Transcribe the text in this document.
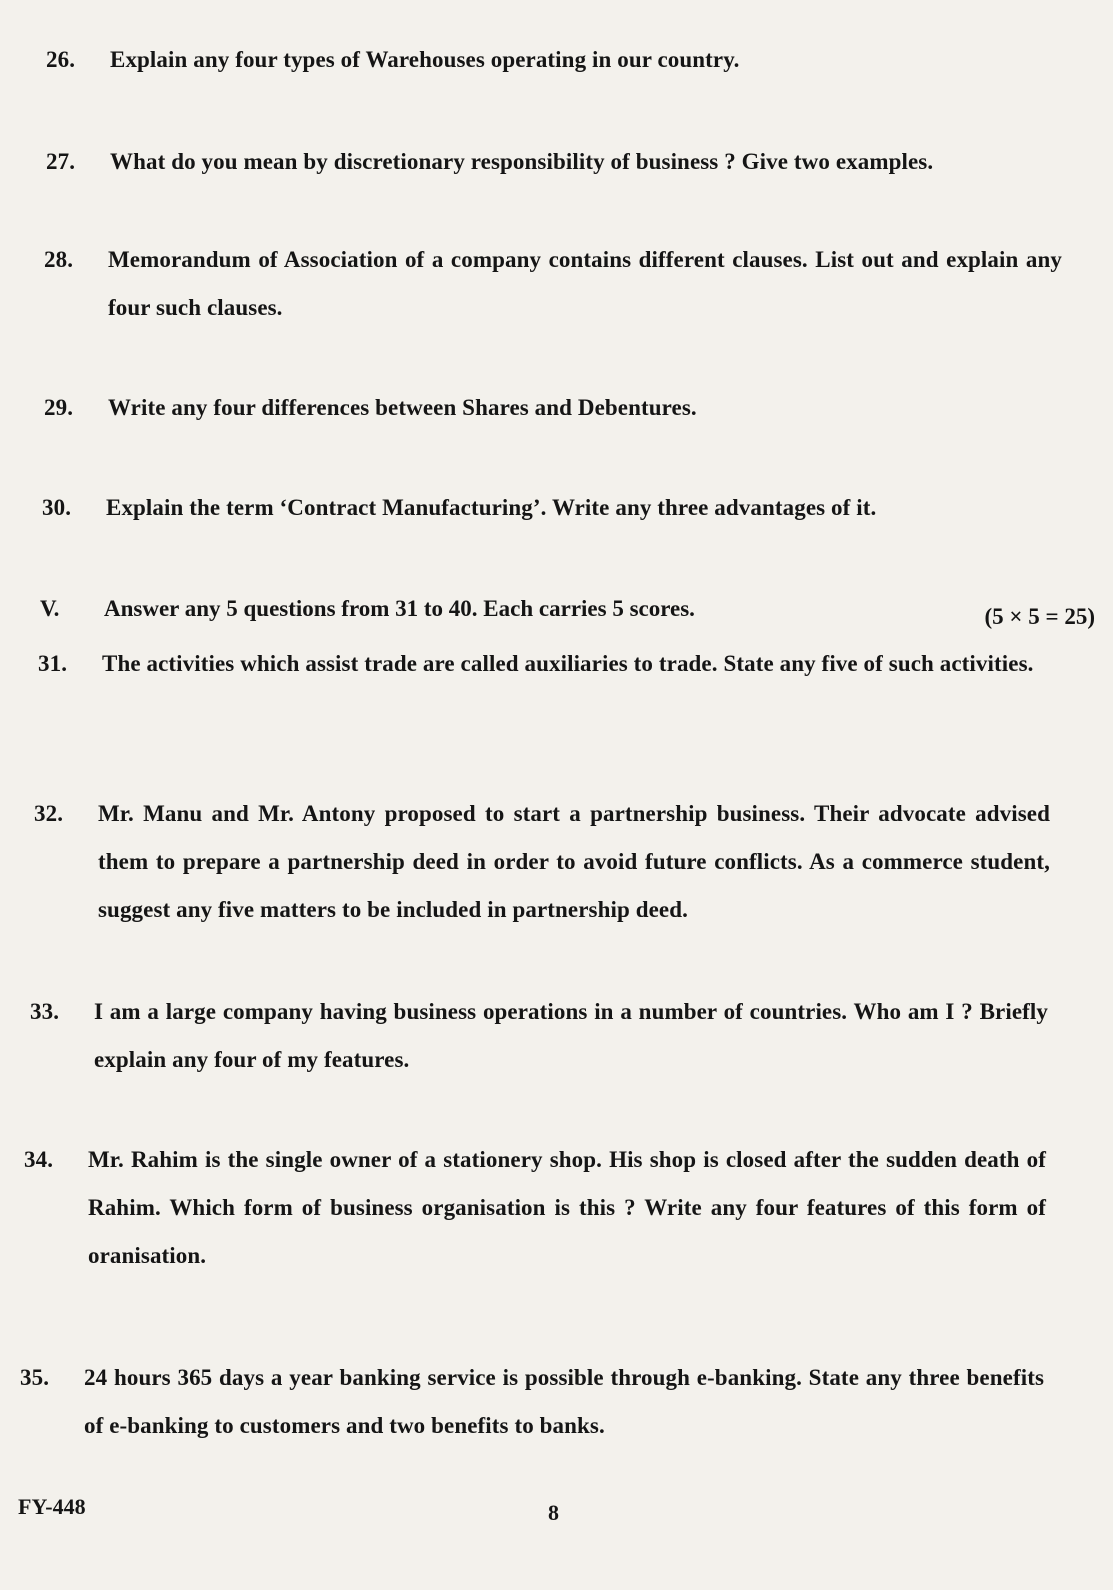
26. Explain any four types of Warehouses operating in our country.
27. What do you mean by discretionary responsibility of business ? Give two examples.
28. Memorandum of Association of a company contains different clauses. List out and explain any four such clauses.
29. Write any four differences between Shares and Debentures.
30. Explain the term ‘Contract Manufacturing’. Write any three advantages of it.
V. Answer any 5 questions from 31 to 40. Each carries 5 scores.	(5 × 5 = 25)
31. The activities which assist trade are called auxiliaries to trade. State any five of such activities.
32. Mr. Manu and Mr. Antony proposed to start a partnership business. Their advocate advised them to prepare a partnership deed in order to avoid future conflicts. As a commerce student, suggest any five matters to be included in partnership deed.
33. I am a large company having business operations in a number of countries. Who am I ? Briefly explain any four of my features.
34. Mr. Rahim is the single owner of a stationery shop. His shop is closed after the sudden death of Rahim. Which form of business organisation is this ? Write any four features of this form of oranisation.
35. 24 hours 365 days a year banking service is possible through e-banking. State any three benefits of e-banking to customers and two benefits to banks.
FY-448	8
